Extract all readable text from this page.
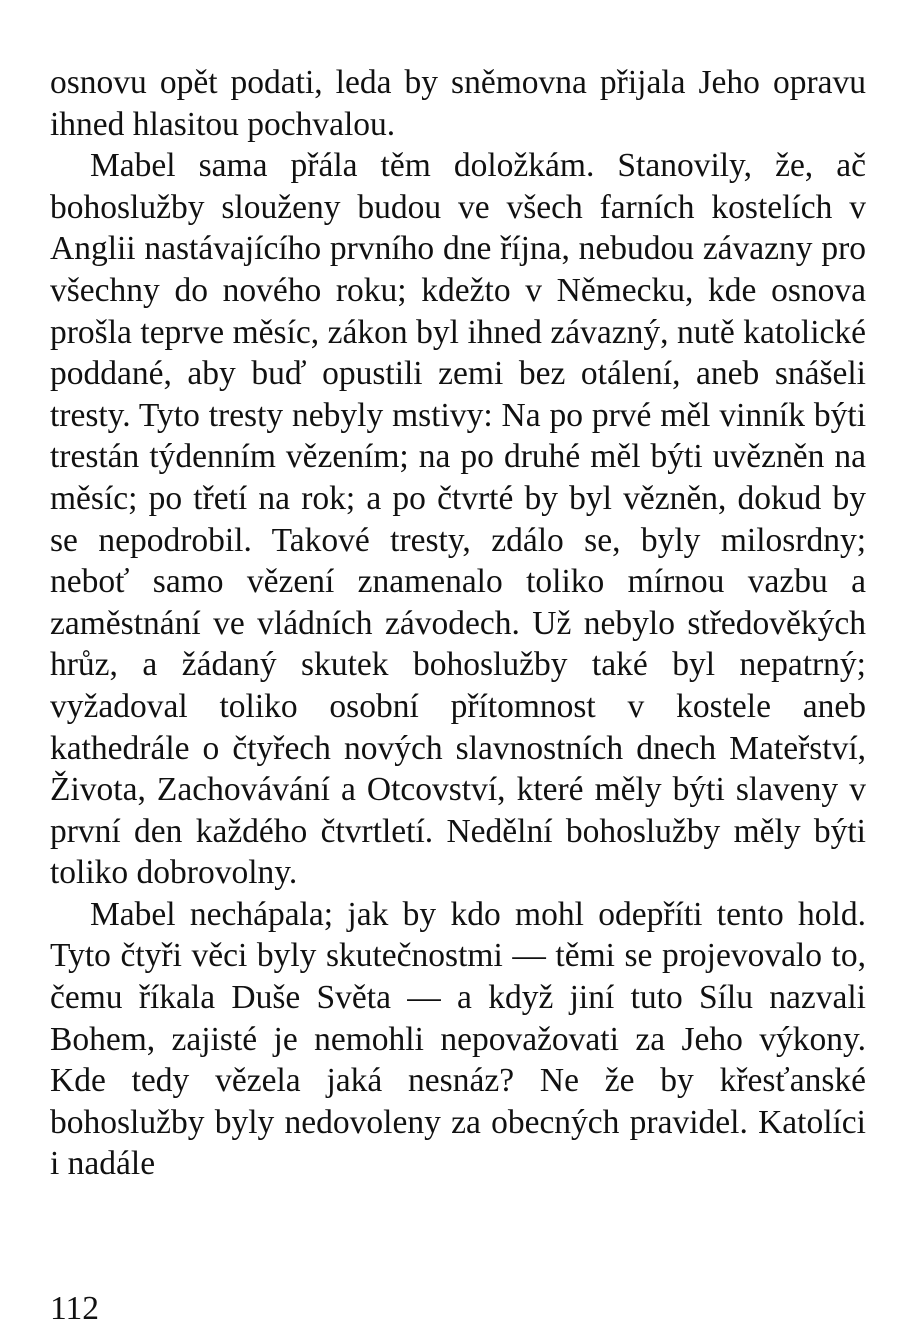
osnovu opět podati, leda by sněmovna přijala Jeho opravu ihned hlasitou pochvalou.

Mabel sama přála těm doložkám. Stanovily, že, ač bohoslužby slouženy budou ve všech farních kostelích v Anglii nastávajícího prvního dne října, nebudou závazny pro všechny do nového roku; kdežto v Německu, kde osnova prošla teprve měsíc, zákon byl ihned závazný, nutě katolické poddané, aby buď opustili zemi bez otálení, aneb snášeli tresty. Tyto tresty nebyly mstivy: Na po prvé měl vinník býti trestán týdenním vězením; na po druhé měl býti uvězněn na měsíc; po třetí na rok; a po čtvrté by byl vězněn, dokud by se nepodrobil. Takové tresty, zdálo se, byly milosrdny; neboť samo vězení znamenalo toliko mírnou vazbu a zaměstnání ve vládních závodech. Už nebylo středověkých hrůz, a žádaný skutek bohoslužby také byl nepatrný; vyžadoval toliko osobní přítomnost v kostele aneb kathedrále o čtyřech nových slavnostních dnech Mateřství, Života, Zachovávání a Otcovství, které měly býti slaveny v první den každého čtvrtletí. Nedělní bohoslužby měly býti toliko dobrovolny.

Mabel nechápala; jak by kdo mohl odepříti tento hold. Tyto čtyři věci byly skutečnostmi — těmi se projevovalo to, čemu říkala Duše Světa — a když jiní tuto Sílu nazvali Bohem, zajisté je nemohli nepovažovati za Jeho výkony. Kde tedy vězela jaká nesnáz? Ne že by křesťanské bohoslužby byly nedovoleny za obecných pravidel. Katolíci i nadále

112
